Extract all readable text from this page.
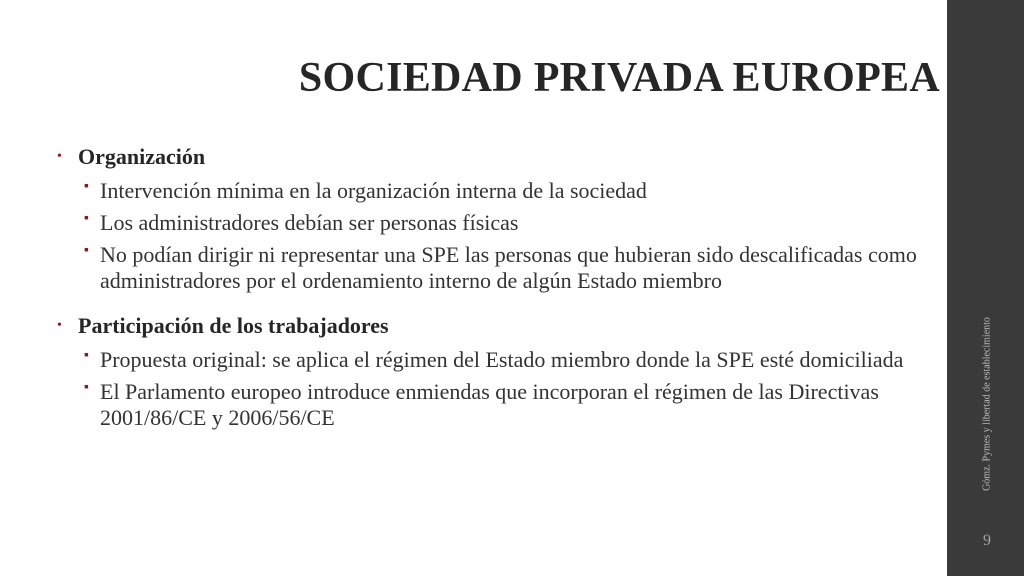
SOCIEDAD PRIVADA EUROPEA
• Organización
▪ Intervención mínima en la organización interna de la sociedad
▪ Los administradores debían ser personas físicas
▪ No podían dirigir ni representar una SPE las personas que hubieran sido descalificadas como administradores por el ordenamiento interno de algún Estado miembro
• Participación de los trabajadores
▪ Propuesta original: se aplica el régimen del Estado miembro donde la SPE esté domiciliada
▪ El Parlamento europeo introduce enmiendas que incorporan el régimen de las Directivas 2001/86/CE y 2006/56/CE	Gómz. Pymes y libertad de establecimiento
9
